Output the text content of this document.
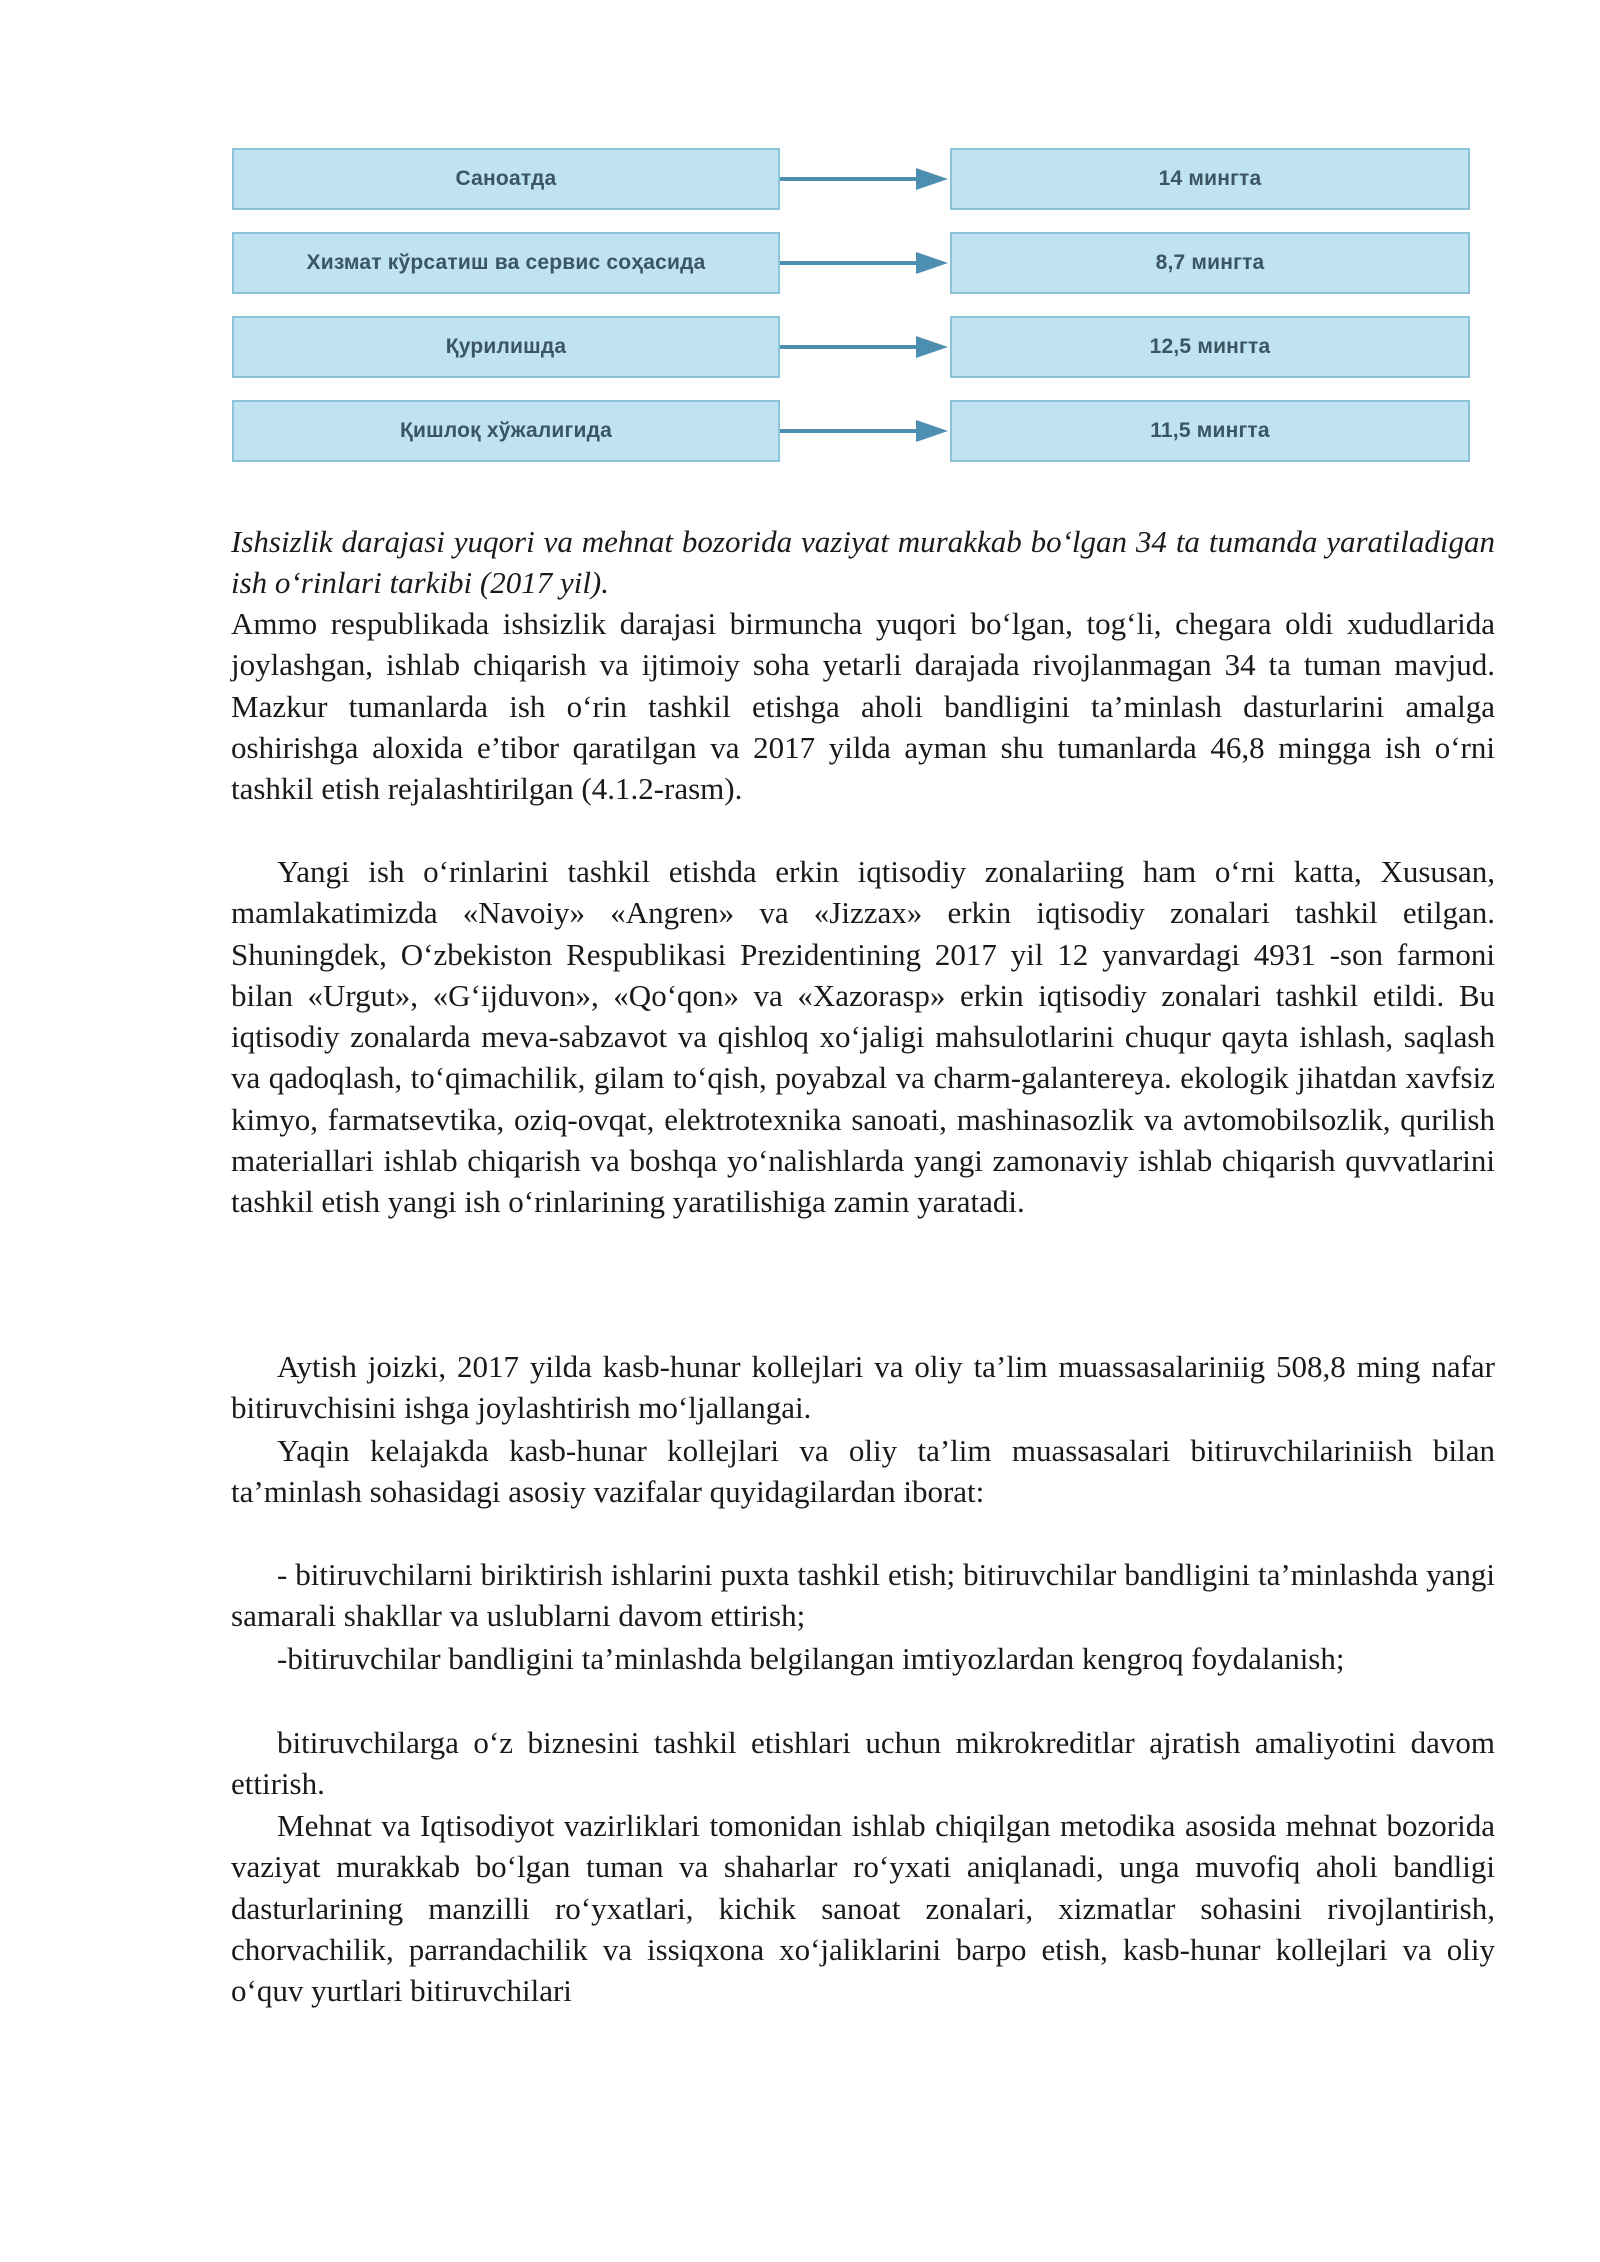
Саноатда	14 мингта
Хизмат кўрсатиш ва сервис соҳасида	8,7 мингта
Қурилишда	12,5 мингта
Қишлоқ хўжалигида	11,5 мингта

Ishsizlik darajasi yuqori va mehnat bozorida vaziyat murakkab bo‘lgan 34 ta tumanda yaratiladigan ish o‘rinlari tarkibi (2017 yil).

Ammo respublikada ishsizlik darajasi birmuncha yuqori bo‘lgan, tog‘li, chegara oldi xududlarida joylashgan, ishlab chiqarish va ijtimoiy soha yetarli darajada rivojlanmagan 34 ta tuman mavjud. Mazkur tumanlarda ish o‘rin tashkil etishga aholi bandligini ta’minlash dasturlarini amalga oshirishga aloxida e’tibor qaratilgan va 2017 yilda ayman shu tumanlarda 46,8 mingga ish o‘rni tashkil etish rejalashtirilgan (4.1.2-rasm).

Yangi ish o‘rinlarini tashkil etishda erkin iqtisodiy zonalariing ham o‘rni katta, Xususan, mamlakatimizda «Navoiy» «Angren» va «Jizzax» erkin iqtisodiy zonalari tashkil etilgan. Shuningdek, O‘zbekiston Respublikasi Prezidentining 2017 yil 12 yanvardagi 4931 -son farmoni bilan «Urgut», «G‘ijduvon», «Qo‘qon» va «Xazorasp» erkin iqtisodiy zonalari tashkil etildi. Bu iqtisodiy zonalarda meva-sabzavot va qishloq xo‘jaligi mahsulotlarini chuqur qayta ishlash, saqlash va qadoqlash, to‘qimachilik, gilam to‘qish, poyabzal va charm-galantereya. ekologik jihatdan xavfsiz kimyo, farmatsevtika, oziq-ovqat, elektrotexnika sanoati, mashinasozlik va avtomobilsozlik, qurilish materiallari ishlab chiqarish va boshqa yo‘nalishlarda yangi zamonaviy ishlab chiqarish quvvatlarini tashkil etish yangi ish o‘rinlarining yaratilishiga zamin yaratadi.

Aytish joizki, 2017 yilda kasb-hunar kollejlari va oliy ta’lim muassasalariniig 508,8 ming nafar bitiruvchisini ishga joylashtirish mo‘ljallangai.

Yaqin kelajakda kasb-hunar kollejlari va oliy ta’lim muassasalari bitiruvchilariniish bilan ta’minlash sohasidagi asosiy vazifalar quyidagilardan iborat:

- bitiruvchilarni biriktirish ishlarini puxta tashkil etish; bitiruvchilar bandligini ta’minlashda yangi samarali shakllar va uslublarni davom ettirish;

-bitiruvchilar bandligini ta’minlashda belgilangan imtiyozlardan kengroq foydalanish;

bitiruvchilarga o‘z biznesini tashkil etishlari uchun mikrokreditlar ajratish amaliyotini davom ettirish.

Mehnat va Iqtisodiyot vazirliklari tomonidan ishlab chiqilgan metodika asosida mehnat bozorida vaziyat murakkab bo‘lgan tuman va shaharlar ro‘yxati aniqlanadi, unga muvofiq aholi bandligi dasturlarining manzilli ro‘yxatlari, kichik sanoat zonalari, xizmatlar sohasini rivojlantirish, chorvachilik, parrandachilik va issiqxona xo‘jaliklarini barpo etish, kasb-hunar kollejlari va oliy o‘quv yurtlari bitiruvchilari
